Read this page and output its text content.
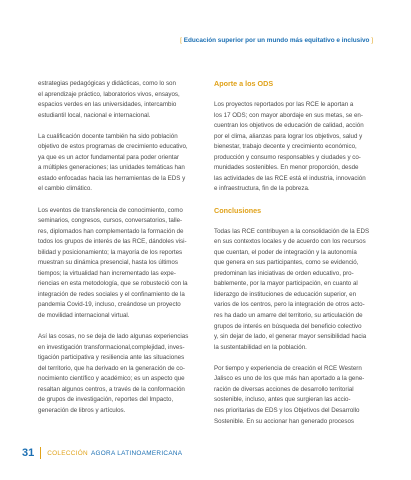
[ Educación superior por un mundo más equitativo e inclusivo ]
estrategias pedagógicas y didácticas, como lo son
el aprendizaje práctico, laboratorios vivos, ensayos,
espacios verdes en las universidades, intercambio
estudiantil local, nacional e internacional.
La cualificación docente también ha sido población
objetivo de estos programas de crecimiento educativo,
ya que es un actor fundamental para poder orientar
a múltiples generaciones; las unidades temáticas han
estado enfocadas hacia las herramientas de la EDS y
el cambio climático.
Los eventos de transferencia de conocimiento, como
seminarios, congresos, cursos, conversatorios, talle-
res, diplomados han complementado la formación de
todos los grupos de interés de las RCE, dándoles visi-
bilidad y posicionamiento; la mayoría de los reportes
muestran su dinámica presencial, hasta los últimos
tiempos; la virtualidad han incrementado las expe-
riencias en esta metodología, que se robusteció con la
integración de redes sociales y el confinamiento de la
pandemia Covid-19, incluso, creándose un proyecto
de movilidad internacional virtual.
Así las cosas, no se deja de lado algunas experiencias
en investigación transformacional,complejidad, inves-
tigación participativa y resiliencia ante las situaciones
del territorio, que ha derivado en la generación de co-
nocimiento científico y académico; es un aspecto que
resaltan algunos centros, a través de la conformación
de grupos de investigación, reportes del Impacto,
generación de libros y artículos.
Aporte a los ODS
Los proyectos reportados por las RCE le aportan a
los 17 ODS; con mayor abordaje en sus metas, se en-
cuentran los objetivos de educación de calidad, acción
por el clima, alianzas para lograr los objetivos, salud y
bienestar, trabajo decente y crecimiento económico,
producción y consumo responsables y ciudades y co-
munidades sostenibles. En menor proporción, desde
las actividades de las RCE está el industria, innovación
e infraestructura, fin de la pobreza.
Conclusiones
Todas las RCE contribuyen a la consolidación de la EDS
en sus contextos locales y de acuerdo con los recursos
que cuentan, el poder de integración y la autonomía
que genera en sus participantes, como se evidenció,
predominan las iniciativas de orden educativo, pro-
bablemente, por la mayor participación, en cuanto al
liderazgo de instituciones de educación superior, en
varios de los centros, pero la integración de otros acto-
res ha dado un amarre del territorio, su articulación de
grupos de interés en búsqueda del beneficio colectivo
y, sin dejar de lado, el generar mayor sensibilidad hacia
la sustentabilidad en la población.
Por tiempo y experiencia de creación el RCE Western
Jalisco es uno de los que más han aportado a la gene-
ración de diversas acciones de desarrollo territorial
sostenible, incluso, antes que surgieran las accio-
nes prioritarias de EDS y los Objetivos del Desarrollo
Sostenible. En su accionar han generado procesos
31 COLECCIÓN AGORA LATINOAMERICANA
